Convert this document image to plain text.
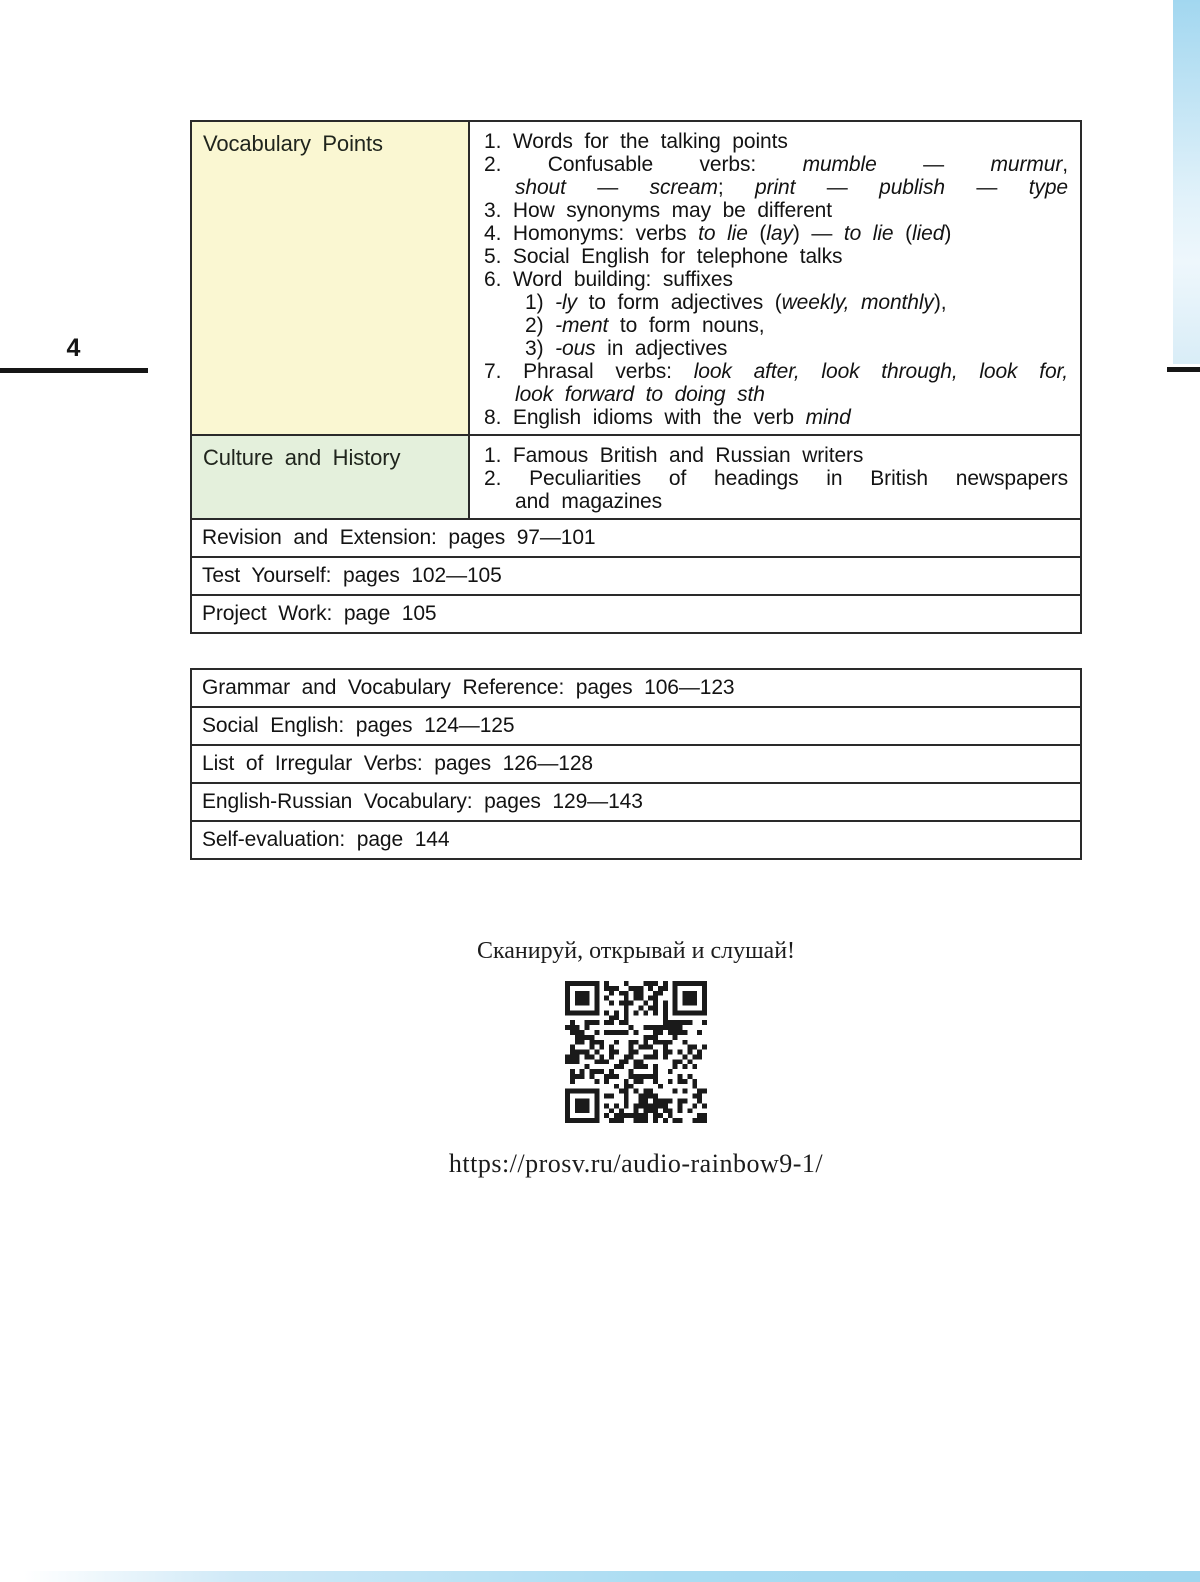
4
Vocabulary Points	1. Words for the talking points
2. Confusable verbs: mumble — murmur,
shout — scream; print — publish — type
3. How synonyms may be different
4. Homonyms: verbs to lie (lay) — to lie (lied)
5. Social English for telephone talks
6. Word building: suffixes
1) -ly to form adjectives (weekly, monthly),
2) -ment to form nouns,
3) -ous in adjectives
7. Phrasal verbs: look after, look through, look for,
look forward to doing sth
8. English idioms with the verb mind
Culture and History	1. Famous British and Russian writers
2. Peculiarities of headings in British newspapers
and magazines
Revision and Extension: pages 97—101
Test Yourself: pages 102—105
Project Work: page 105
Grammar and Vocabulary Reference: pages 106—123
Social English: pages 124—125
List of Irregular Verbs: pages 126—128
English-Russian Vocabulary: pages 129—143
Self-evaluation: page 144
Сканируй, открывай и слушай!
https://prosv.ru/audio-rainbow9-1/
